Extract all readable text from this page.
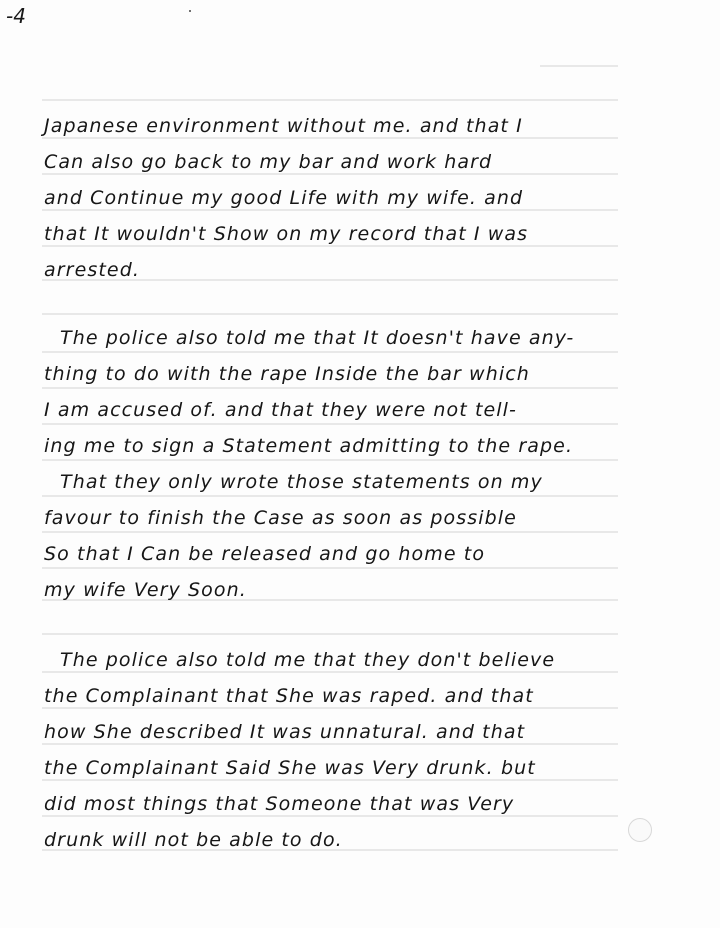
-4
Japanese environment without me. and that I
Can also go back to my bar and work hard
and Continue my good Life with my wife. and
that It wouldn't Show on my record that I was
arrested.
The police also told me that It doesn't have any-
thing to do with the rape Inside the bar which
I am accused of. and that they were not tell-
ing me to sign a Statement admitting to the rape.
That they only wrote those statements on my
favour to finish the Case as soon as possible
So that I Can be released and go home to
my wife Very Soon.
The police also told me that they don't believe
the Complainant that She was raped. and that
how She described It was unnatural. and that
the Complainant Said She was Very drunk. but
did most things that Someone that was Very
drunk will not be able to do.
